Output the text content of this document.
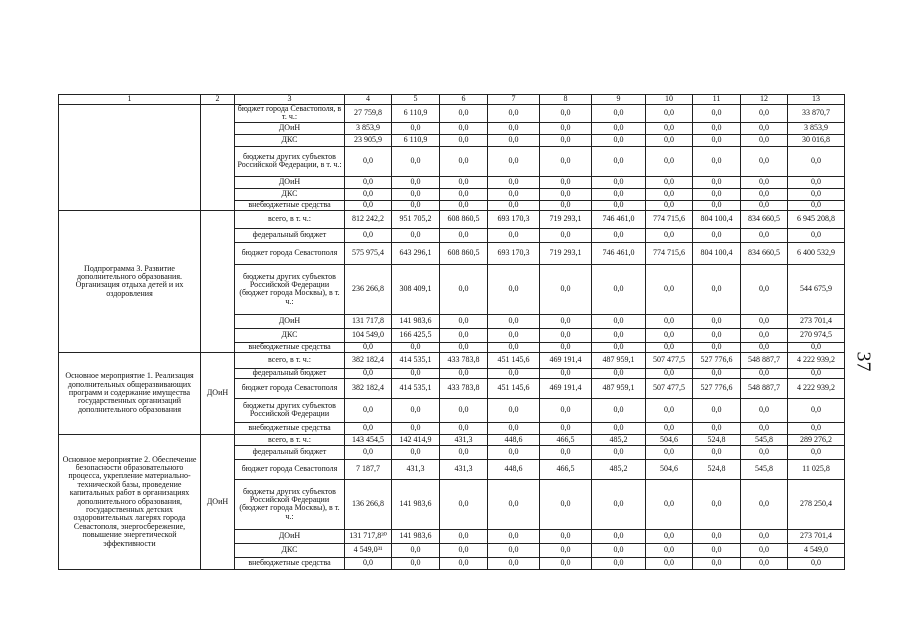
1	2	3	4	5	6	7	8	9	10	11	12	13
		бюджет города Севастополя, в т. ч.:	27 759,8	6 110,9	0,0	0,0	0,0	0,0	0,0	0,0	0,0	33 870,7
		ДОиН	3 853,9	0,0	0,0	0,0	0,0	0,0	0,0	0,0	0,0	3 853,9
		ДКС	23 905,9	6 110,9	0,0	0,0	0,0	0,0	0,0	0,0	0,0	30 016,8
		бюджеты других субъектов Российской Федерации, в т. ч.:	0,0	0,0	0,0	0,0	0,0	0,0	0,0	0,0	0,0	0,0
		ДОиН	0,0	0,0	0,0	0,0	0,0	0,0	0,0	0,0	0,0	0,0
		ДКС	0,0	0,0	0,0	0,0	0,0	0,0	0,0	0,0	0,0	0,0
		внебюджетные средства	0,0	0,0	0,0	0,0	0,0	0,0	0,0	0,0	0,0	0,0
Подпрограмма 3. Развитие дополнительного образования. Организация отдыха детей и их оздоровления		всего, в т. ч.:	812 242,2	951 705,2	608 860,5	693 170,3	719 293,1	746 461,0	774 715,6	804 100,4	834 660,5	6 945 208,8
		федеральный бюджет	0,0	0,0	0,0	0,0	0,0	0,0	0,0	0,0	0,0	0,0
		бюджет города Севастополя	575 975,4	643 296,1	608 860,5	693 170,3	719 293,1	746 461,0	774 715,6	804 100,4	834 660,5	6 400 532,9
		бюджеты других субъектов Российской Федерации (бюджет города Москвы), в т. ч.:	236 266,8	308 409,1	0,0	0,0	0,0	0,0	0,0	0,0	0,0	544 675,9
		ДОиН	131 717,8	141 983,6	0,0	0,0	0,0	0,0	0,0	0,0	0,0	273 701,4
		ДКС	104 549,0	166 425,5	0,0	0,0	0,0	0,0	0,0	0,0	0,0	270 974,5
		внебюджетные средства	0,0	0,0	0,0	0,0	0,0	0,0	0,0	0,0	0,0	0,0
Основное мероприятие 1. Реализация дополнительных общеразвивающих программ и содержание имущества государственных организаций дополнительного образования	ДОиН	всего, в т. ч.:	382 182,4	414 535,1	433 783,8	451 145,6	469 191,4	487 959,1	507 477,5	527 776,6	548 887,7	4 222 939,2
		федеральный бюджет	0,0	0,0	0,0	0,0	0,0	0,0	0,0	0,0	0,0	0,0
		бюджет города Севастополя	382 182,4	414 535,1	433 783,8	451 145,6	469 191,4	487 959,1	507 477,5	527 776,6	548 887,7	4 222 939,2
		бюджеты других субъектов Российской Федерации	0,0	0,0	0,0	0,0	0,0	0,0	0,0	0,0	0,0	0,0
		внебюджетные средства	0,0	0,0	0,0	0,0	0,0	0,0	0,0	0,0	0,0	0,0
Основное мероприятие 2. Обеспечение безопасности образовательного процесса, укрепление материально-технической базы, проведение капитальных работ в организациях дополнительного образования, государственных детских оздоровительных лагерях города Севастополя, энергосбережение, повышение энергетической эффективности	ДОиН	всего, в т. ч.:	143 454,5	142 414,9	431,3	448,6	466,5	485,2	504,6	524,8	545,8	289 276,2
		федеральный бюджет	0,0	0,0	0,0	0,0	0,0	0,0	0,0	0,0	0,0	0,0
		бюджет города Севастополя	7 187,7	431,3	431,3	448,6	466,5	485,2	504,6	524,8	545,8	11 025,8
		бюджеты других субъектов Российской Федерации (бюджет города Москвы), в т. ч.:	136 266,8	141 983,6	0,0	0,0	0,0	0,0	0,0	0,0	0,0	278 250,4
		ДОиН	131 717,8³⁰	141 983,6	0,0	0,0	0,0	0,0	0,0	0,0	0,0	273 701,4
		ДКС	4 549,0³¹	0,0	0,0	0,0	0,0	0,0	0,0	0,0	0,0	4 549,0
		внебюджетные средства	0,0	0,0	0,0	0,0	0,0	0,0	0,0	0,0	0,0	0,0
37
